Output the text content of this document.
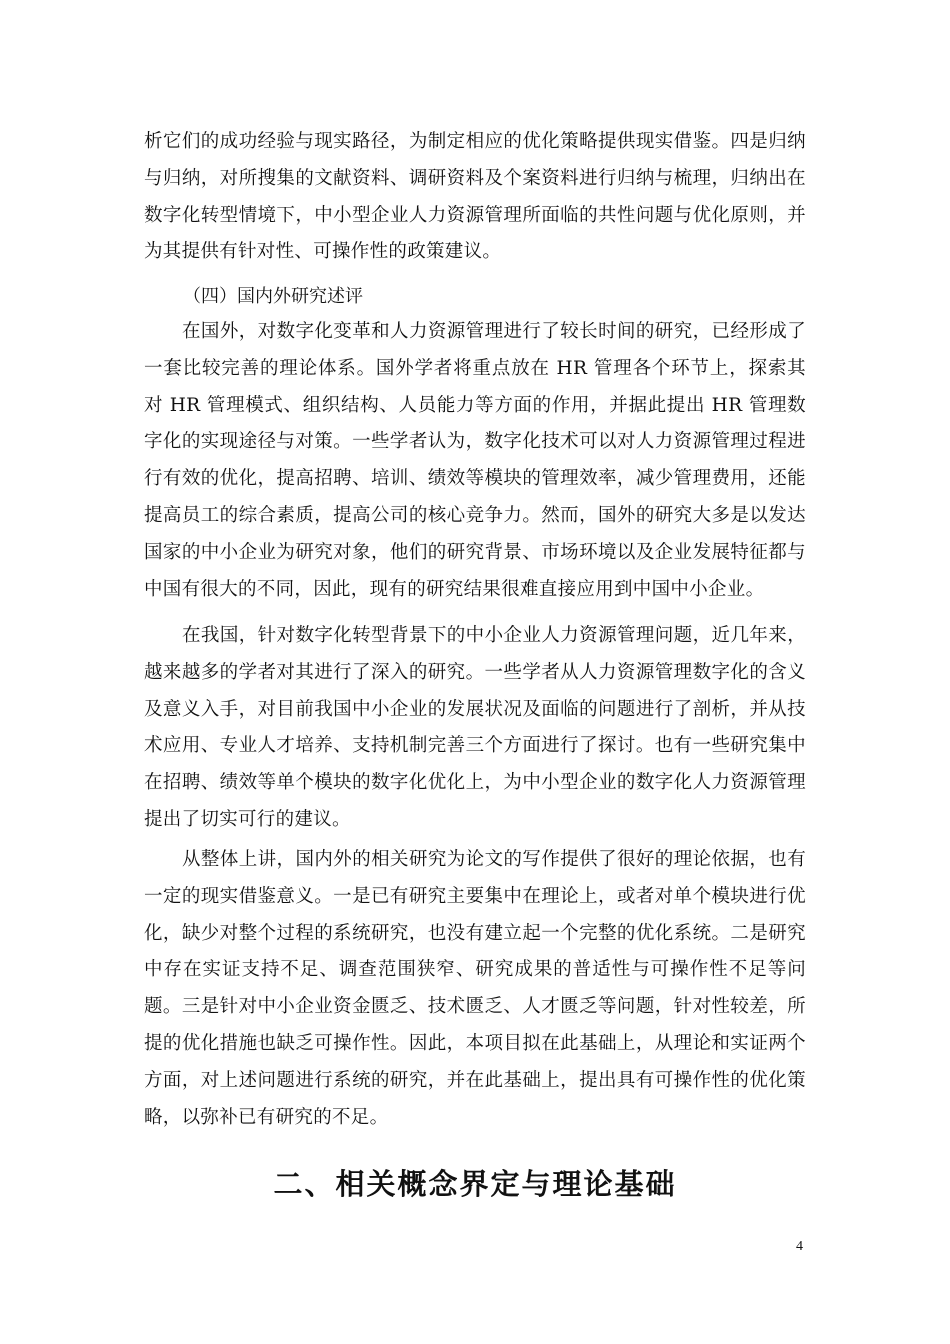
析它们的成功经验与现实路径，为制定相应的优化策略提供现实借鉴。四是归纳与归纳，对所搜集的文献资料、调研资料及个案资料进行归纳与梳理，归纳出在数字化转型情境下，中小型企业人力资源管理所面临的共性问题与优化原则，并为其提供有针对性、可操作性的政策建议。

（四）国内外研究述评

在国外，对数字化变革和人力资源管理进行了较长时间的研究，已经形成了一套比较完善的理论体系。国外学者将重点放在 HR 管理各个环节上，探索其对 HR 管理模式、组织结构、人员能力等方面的作用，并据此提出 HR 管理数字化的实现途径与对策。一些学者认为，数字化技术可以对人力资源管理过程进行有效的优化，提高招聘、培训、绩效等模块的管理效率，减少管理费用，还能提高员工的综合素质，提高公司的核心竞争力。然而，国外的研究大多是以发达国家的中小企业为研究对象，他们的研究背景、市场环境以及企业发展特征都与中国有很大的不同，因此，现有的研究结果很难直接应用到中国中小企业。

在我国，针对数字化转型背景下的中小企业人力资源管理问题，近几年来，越来越多的学者对其进行了深入的研究。一些学者从人力资源管理数字化的含义及意义入手，对目前我国中小企业的发展状况及面临的问题进行了剖析，并从技术应用、专业人才培养、支持机制完善三个方面进行了探讨。也有一些研究集中在招聘、绩效等单个模块的数字化优化上，为中小型企业的数字化人力资源管理提出了切实可行的建议。

从整体上讲，国内外的相关研究为论文的写作提供了很好的理论依据，也有一定的现实借鉴意义。一是已有研究主要集中在理论上，或者对单个模块进行优化，缺少对整个过程的系统研究，也没有建立起一个完整的优化系统。二是研究中存在实证支持不足、调查范围狭窄、研究成果的普适性与可操作性不足等问题。三是针对中小企业资金匮乏、技术匮乏、人才匮乏等问题，针对性较差，所提的优化措施也缺乏可操作性。因此，本项目拟在此基础上，从理论和实证两个方面，对上述问题进行系统的研究，并在此基础上，提出具有可操作性的优化策略，以弥补已有研究的不足。

二、相关概念界定与理论基础
4
